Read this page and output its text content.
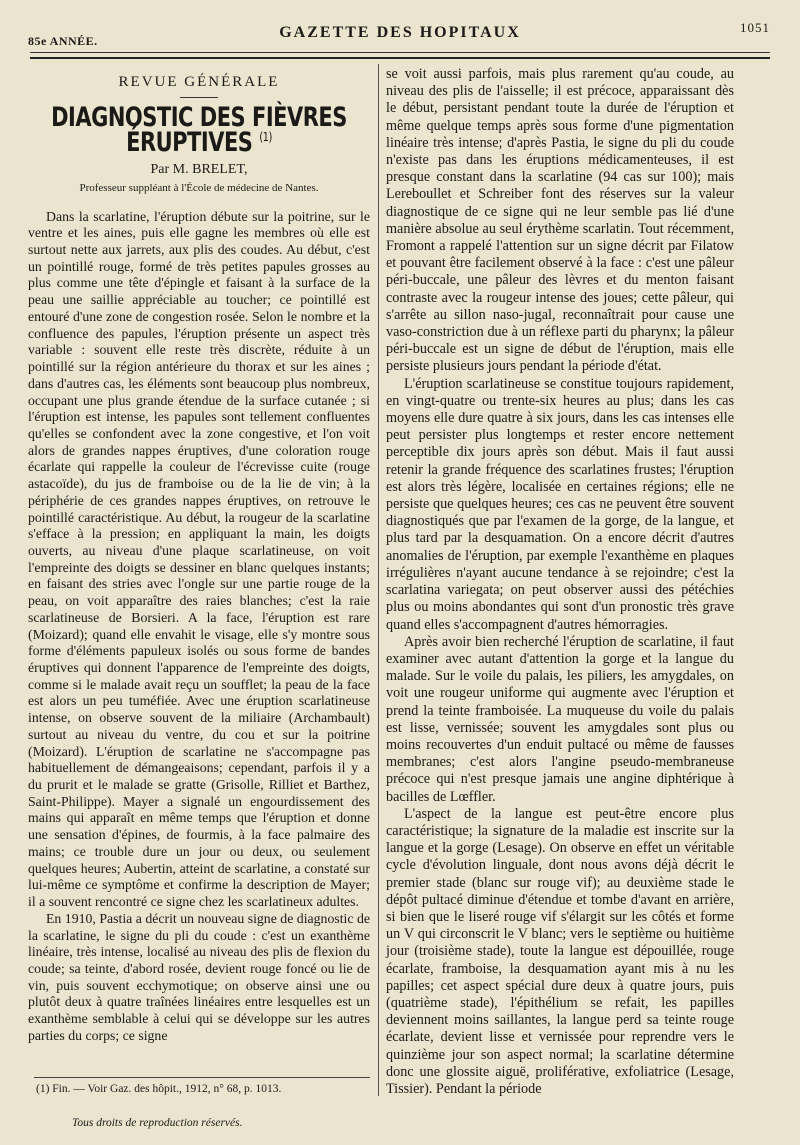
85e ANNÉE.	GAZETTE DES HOPITAUX	1051
REVUE GÉNÉRALE
DIAGNOSTIC DES FIÈVRES ÉRUPTIVES $^{(1)}$

Par M. BRELET,

Professeur suppléant à l'École de médecine de Nantes.

Dans la scarlatine, l'éruption débute sur la poitrine, sur le ventre et les aines, puis elle gagne les membres où elle est surtout nette aux jarrets, aux plis des coudes. Au début, c'est un pointillé rouge, formé de très petites papules grosses au plus comme une tête d'épingle et faisant à la surface de la peau une saillie appréciable au toucher; ce pointillé est entouré d'une zone de congestion rosée. Selon le nombre et la confluence des papules, l'éruption présente un aspect très variable : souvent elle reste très discrète, réduite à un pointillé sur la région antérieure du thorax et sur les aines ; dans d'autres cas, les éléments sont beaucoup plus nombreux, occupant une plus grande étendue de la surface cutanée ; si l'éruption est intense, les papules sont tellement confluentes qu'elles se confondent avec la zone congestive, et l'on voit alors de grandes nappes éruptives, d'une coloration rouge écarlate qui rappelle la couleur de l'écrevisse cuite (rouge astacoïde), du jus de framboise ou de la lie de vin; à la périphérie de ces grandes nappes éruptives, on retrouve le pointillé caractéristique. Au début, la rougeur de la scarlatine s'efface à la pression; en appliquant la main, les doigts ouverts, au niveau d'une plaque scarlatineuse, on voit l'empreinte des doigts se dessiner en blanc quelques instants; en faisant des stries avec l'ongle sur une partie rouge de la peau, on voit apparaître des raies blanches; c'est la raie scarlatineuse de Borsieri. A la face, l'éruption est rare (Moizard); quand elle envahit le visage, elle s'y montre sous forme d'éléments papuleux isolés ou sous forme de bandes éruptives qui donnent l'apparence de l'empreinte des doigts, comme si le malade avait reçu un soufflet; la peau de la face est alors un peu tuméfiée. Avec une éruption scarlatineuse intense, on observe souvent de la miliaire (Archambault) surtout au niveau du ventre, du cou et sur la poitrine (Moizard). L'éruption de scarlatine ne s'accompagne pas habituellement de démangeaisons; cependant, parfois il y a du prurit et le malade se gratte (Grisolle, Rilliet et Barthez, Saint-Philippe). Mayer a signalé un engourdissement des mains qui apparaît en même temps que l'éruption et donne une sensation d'épines, de fourmis, à la face palmaire des mains; ce trouble dure un jour ou deux, ou seulement quelques heures; Aubertin, atteint de scarlatine, a constaté sur lui-même ce symptôme et confirme la description de Mayer; il a souvent rencontré ce signe chez les scarlatineux adultes.

En 1910, Pastia a décrit un nouveau signe de diagnostic de la scarlatine, le signe du pli du coude : c'est un exanthème linéaire, très intense, localisé au niveau des plis de flexion du coude; sa teinte, d'abord rosée, devient rouge foncé ou lie de vin, puis souvent ecchymotique; on observe ainsi une ou plutôt deux à quatre traînées linéaires entre lesquelles est un exanthème semblable à celui qui se développe sur les autres parties du corps; ce signe

se voit aussi parfois, mais plus rarement qu'au coude, au niveau des plis de l'aisselle; il est précoce, apparaissant dès le début, persistant pendant toute la durée de l'éruption et même quelque temps après sous forme d'une pigmentation linéaire très intense; d'après Pastia, le signe du pli du coude n'existe pas dans les éruptions médicamenteuses, il est presque constant dans la scarlatine (94 cas sur 100); mais Lereboullet et Schreiber font des réserves sur la valeur diagnostique de ce signe qui ne leur semble pas lié d'une manière absolue au seul érythème scarlatin. Tout récemment, Fromont a rappelé l'attention sur un signe décrit par Filatow et pouvant être facilement observé à la face : c'est une pâleur péri-buccale, une pâleur des lèvres et du menton faisant contraste avec la rougeur intense des joues; cette pâleur, qui s'arrête au sillon naso-jugal, reconnaîtrait pour cause une vaso-constriction due à un réflexe parti du pharynx; la pâleur péri-buccale est un signe de début de l'éruption, mais elle persiste plusieurs jours pendant la période d'état.

L'éruption scarlatineuse se constitue toujours rapidement, en vingt-quatre ou trente-six heures au plus; dans les cas moyens elle dure quatre à six jours, dans les cas intenses elle peut persister plus longtemps et rester encore nettement perceptible dix jours après son début. Mais il faut aussi retenir la grande fréquence des scarlatines frustes; l'éruption est alors très légère, localisée en certaines régions; elle ne persiste que quelques heures; ces cas ne peuvent être souvent diagnostiqués que par l'examen de la gorge, de la langue, et plus tard par la desquamation. On a encore décrit d'autres anomalies de l'éruption, par exemple l'exanthème en plaques irrégulières n'ayant aucune tendance à se rejoindre; c'est la scarlatina variegata; on peut observer aussi des pétéchies plus ou moins abondantes qui sont d'un pronostic très grave quand elles s'accompagnent d'autres hémorragies.

Après avoir bien recherché l'éruption de scarlatine, il faut examiner avec autant d'attention la gorge et la langue du malade. Sur le voile du palais, les piliers, les amygdales, on voit une rougeur uniforme qui augmente avec l'éruption et prend la teinte framboisée. La muqueuse du voile du palais est lisse, vernissée; souvent les amygdales sont plus ou moins recouvertes d'un enduit pultacé ou même de fausses membranes; c'est alors l'angine pseudo-membraneuse précoce qui n'est presque jamais une angine diphtérique à bacilles de Lœffler.

L'aspect de la langue est peut-être encore plus caractéristique; la signature de la maladie est inscrite sur la langue et la gorge (Lesage). On observe en effet un véritable cycle d'évolution linguale, dont nous avons déjà décrit le premier stade (blanc sur rouge vif); au deuxième stade le dépôt pultacé diminue d'étendue et tombe d'avant en arrière, si bien que le liseré rouge vif s'élargit sur les côtés et forme un V qui circonscrit le V blanc; vers le septième ou huitième jour (troisième stade), toute la langue est dépouillée, rouge écarlate, framboise, la desquamation ayant mis à nu les papilles; cet aspect spécial dure deux à quatre jours, puis (quatrième stade), l'épithélium se refait, les papilles deviennent moins saillantes, la langue perd sa teinte rouge écarlate, devient lisse et vernissée pour reprendre vers le quinzième jour son aspect normal; la scarlatine détermine donc une glossite aiguë, proliférative, exfoliatrice (Lesage, Tissier). Pendant la période

(1) Fin. — Voir Gaz. des hôpit., 1912, n° 68, p. 1013.
Tous droits de reproduction réservés.
